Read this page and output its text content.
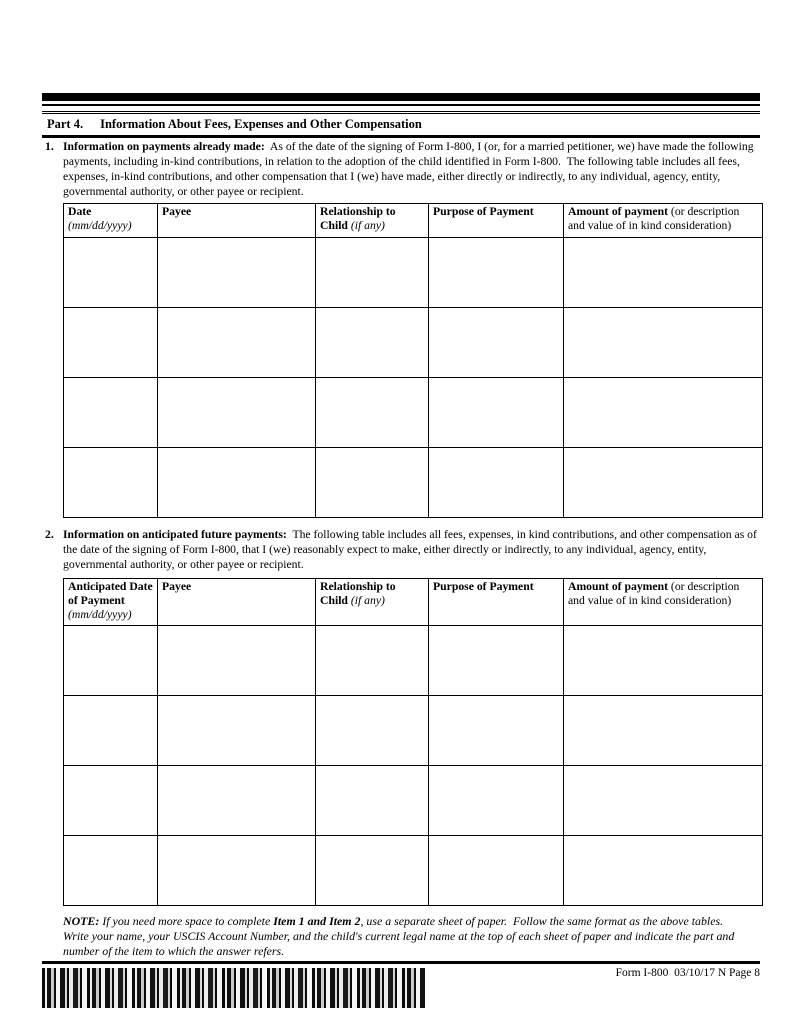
Part 4. Information About Fees, Expenses and Other Compensation
1. Information on payments already made:  As of the date of the signing of Form I-800, I (or, for a married petitioner, we) have made the following payments, including in-kind contributions, in relation to the adoption of the child identified in Form I-800.  The following table includes all fees, expenses, in-kind contributions, and other compensation that I (we) have made, either directly or indirectly, to any individual, agency, entity, governmental authority, or other payee or recipient.
Date
(mm/dd/yyyy)	Payee	Relationship to Child (if any)	Purpose of Payment	Amount of payment (or description and value of in kind consideration)

2. Information on anticipated future payments:  The following table includes all fees, expenses, in kind contributions, and other compensation as of the date of the signing of Form I-800, that I (we) reasonably expect to make, either directly or indirectly, to any individual, agency, entity, governmental authority, or other payee or recipient.
Anticipated Date of Payment
(mm/dd/yyyy)	Payee	Relationship to Child (if any)	Purpose of Payment	Amount of payment (or description and value of in kind consideration)

NOTE: If you need more space to complete Item 1 and Item 2, use a separate sheet of paper.  Follow the same format as the above tables.  Write your name, your USCIS Account Number, and the child's current legal name at the top of each sheet of paper and indicate the part and number of the item to which the answer refers.
Form I-800  03/10/17 N Page 8
